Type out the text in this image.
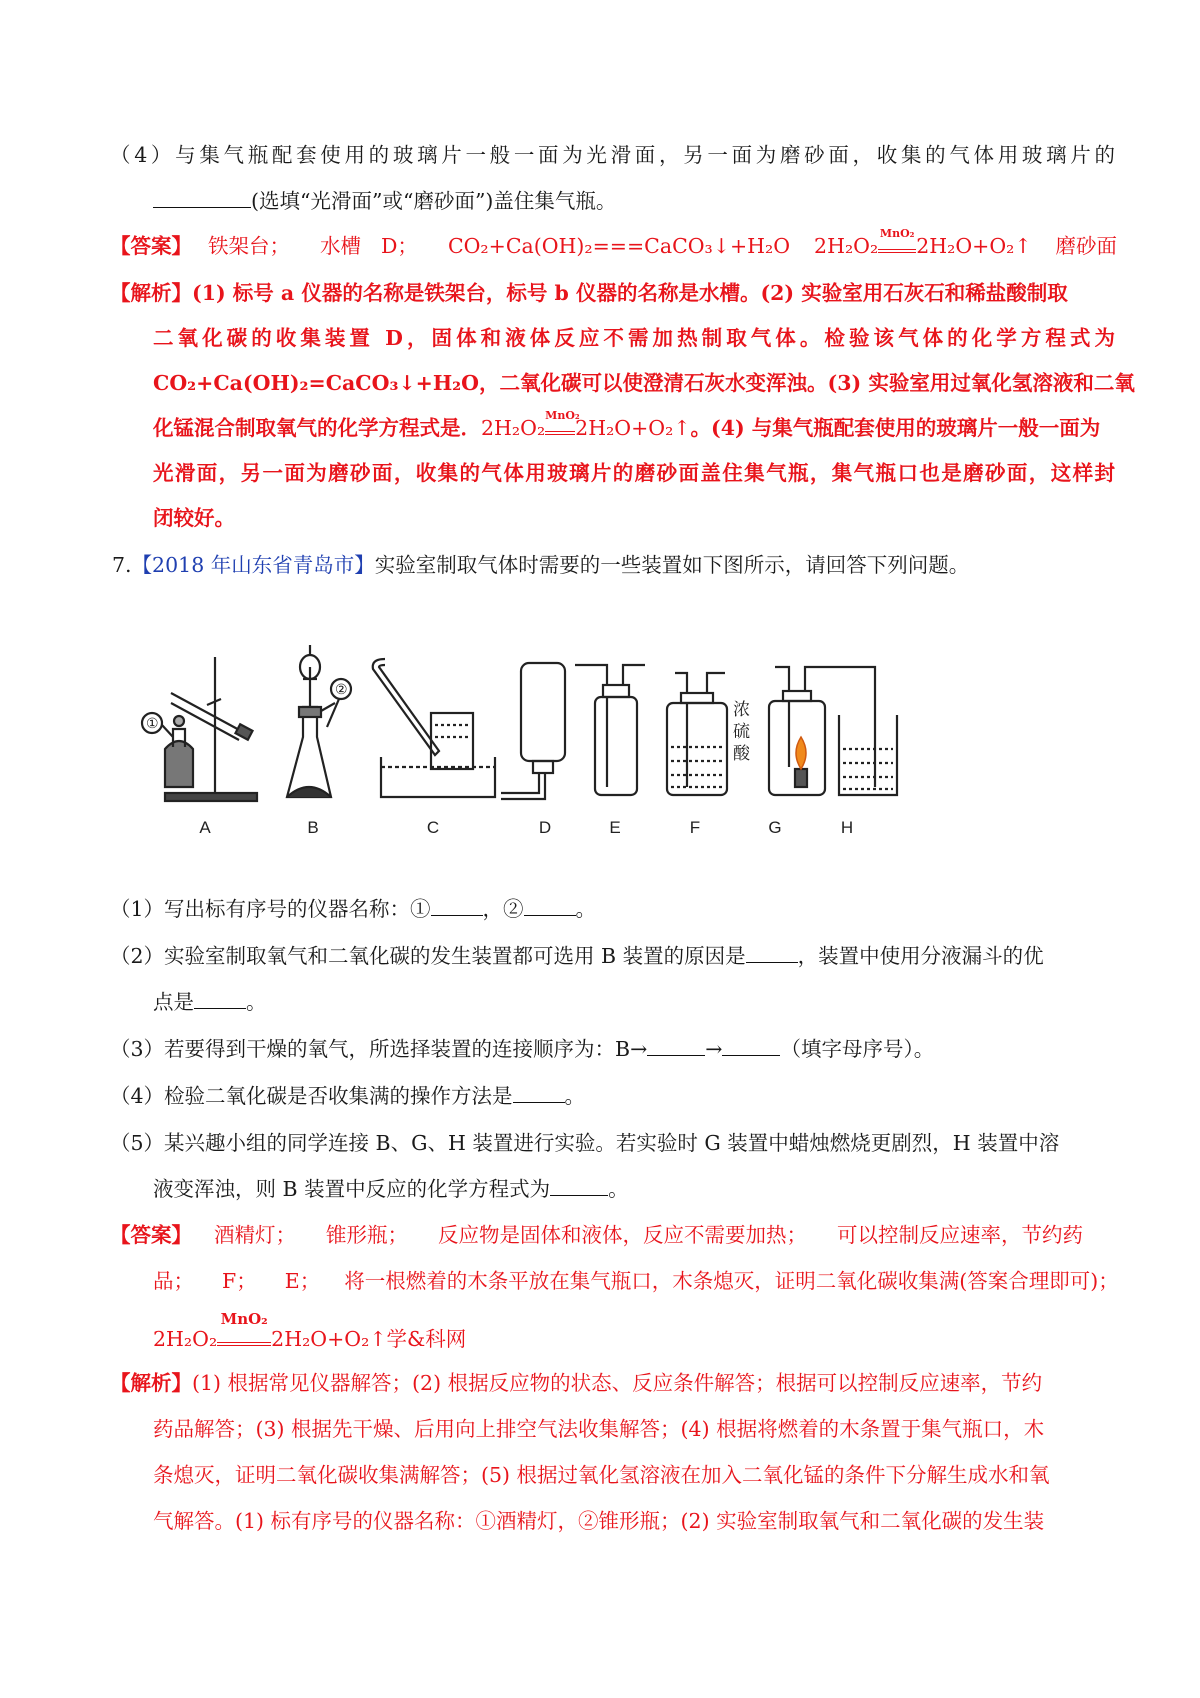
（4）与集气瓶配套使用的玻璃片一般一面为光滑面，另一面为磨砂面，收集的气体用玻璃片的
(选填“光滑面”或“磨砂面”)盖住集气瓶。
【答案】 铁架台； 水槽 D； CO₂+Ca(OH)₂===CaCO₃↓+H₂O 2H₂O₂
MnO₂
2H₂O+O₂↑ 磨砂面
【解析】(1) 标号 a 仪器的名称是铁架台，标号 b 仪器的名称是水槽。(2) 实验室用石灰石和稀盐酸制取
二氧化碳的收集装置 D，固体和液体反应不需加热制取气体。检验该气体的化学方程式为
CO₂+Ca(OH)₂=CaCO₃↓+H₂O，二氧化碳可以使澄清石灰水变浑浊。(3) 实验室用过氧化氢溶液和二氧
化锰混合制取氧气的化学方程式是．2H₂O₂
MnO₂
2H₂O+O₂↑。(4) 与集气瓶配套使用的玻璃片一般一面为
光滑面，另一面为磨砂面，收集的气体用玻璃片的磨砂面盖住集气瓶，集气瓶口也是磨砂面，这样封
闭较好。
7.【2018 年山东省青岛市】实验室制取气体时需要的一些装置如下图所示，请回答下列问题。
①
②
浓
硫
酸
A	B	C	D	E	F	G	H
（1）写出标有序号的仪器名称：①	，②	。
（2）实验室制取氧气和二氧化碳的发生装置都可选用 B 装置的原因是	，装置中使用分液漏斗的优
点是	。
（3）若要得到干燥的氧气，所选择装置的连接顺序为：B→	→	（填字母序号）。
（4）检验二氧化碳是否收集满的操作方法是	。
（5）某兴趣小组的同学连接 B、G、H 装置进行实验。若实验时 G 装置中蜡烛燃烧更剧烈，H 装置中溶
液变浑浊，则 B 装置中反应的化学方程式为	。
【答案】 酒精灯； 锥形瓶； 反应物是固体和液体，反应不需要加热； 可以控制反应速率，节约药
品； F； E； 将一根燃着的木条平放在集气瓶口，木条熄灭，证明二氧化碳收集满(答案合理即可)；
2H₂O₂
MnO₂
2H₂O+O₂↑学&科网
【解析】(1) 根据常见仪器解答；(2) 根据反应物的状态、反应条件解答；根据可以控制反应速率，节约
药品解答；(3) 根据先干燥、后用向上排空气法收集解答；(4) 根据将燃着的木条置于集气瓶口，木
条熄灭，证明二氧化碳收集满解答；(5) 根据过氧化氢溶液在加入二氧化锰的条件下分解生成水和氧
气解答。(1) 标有序号的仪器名称：①酒精灯，②锥形瓶；(2) 实验室制取氧气和二氧化碳的发生装
